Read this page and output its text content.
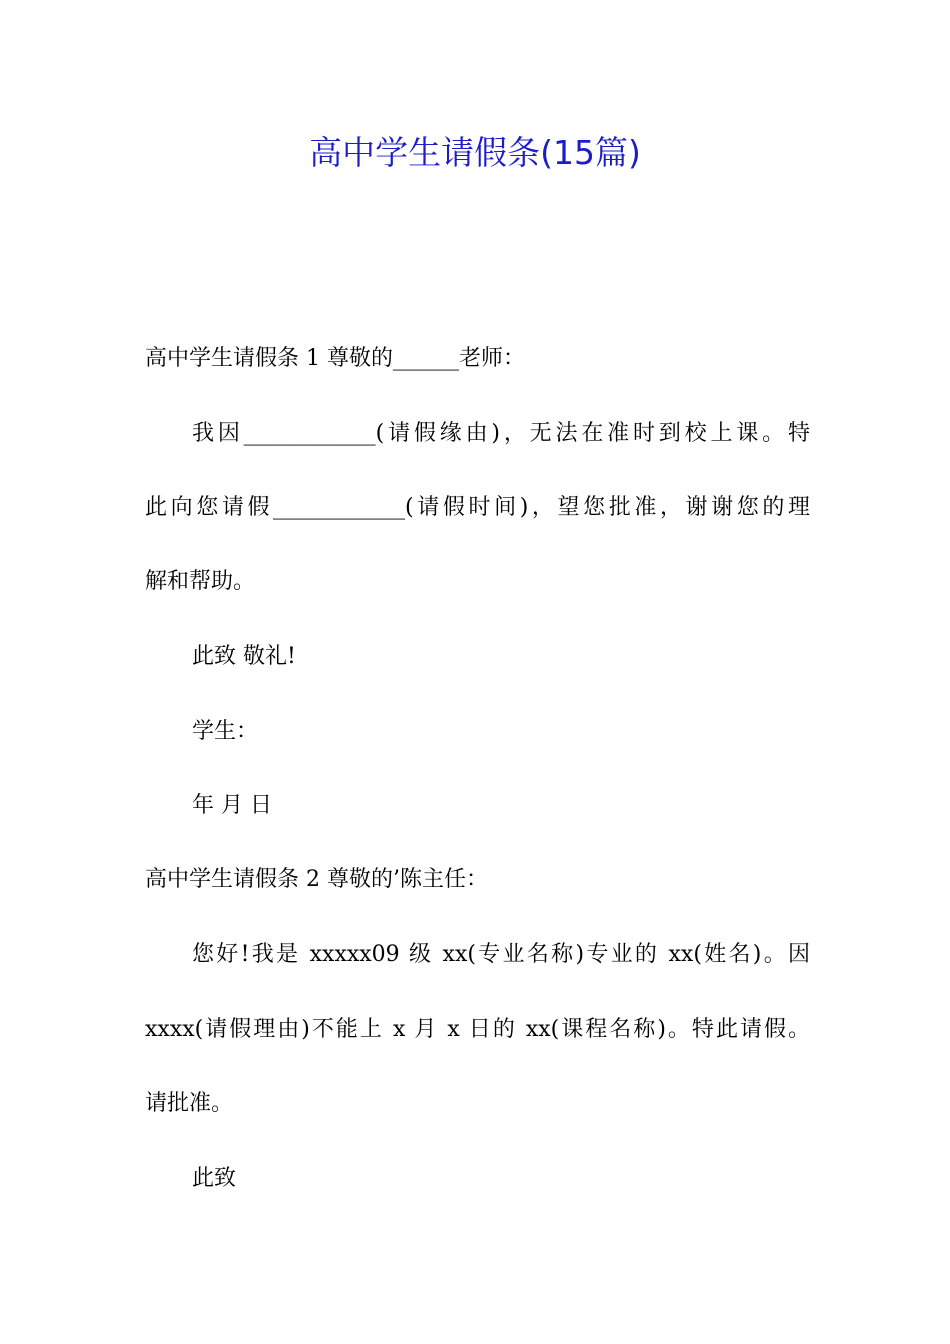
高中学生请假条(15篇)

高中学生请假条 1 尊敬的______老师：

我因____________(请假缘由)，无法在准时到校上课。特

此向您请假____________(请假时间)，望您批准，谢谢您的理

解和帮助。

此致 敬礼!

学生：

年 月 日

高中学生请假条 2 尊敬的’陈主任：

您好!我是 xxxxx09 级 xx(专业名称)专业的 xx(姓名)。因

xxxx(请假理由)不能上 x 月 x 日的 xx(课程名称)。特此请假。

请批准。

此致
